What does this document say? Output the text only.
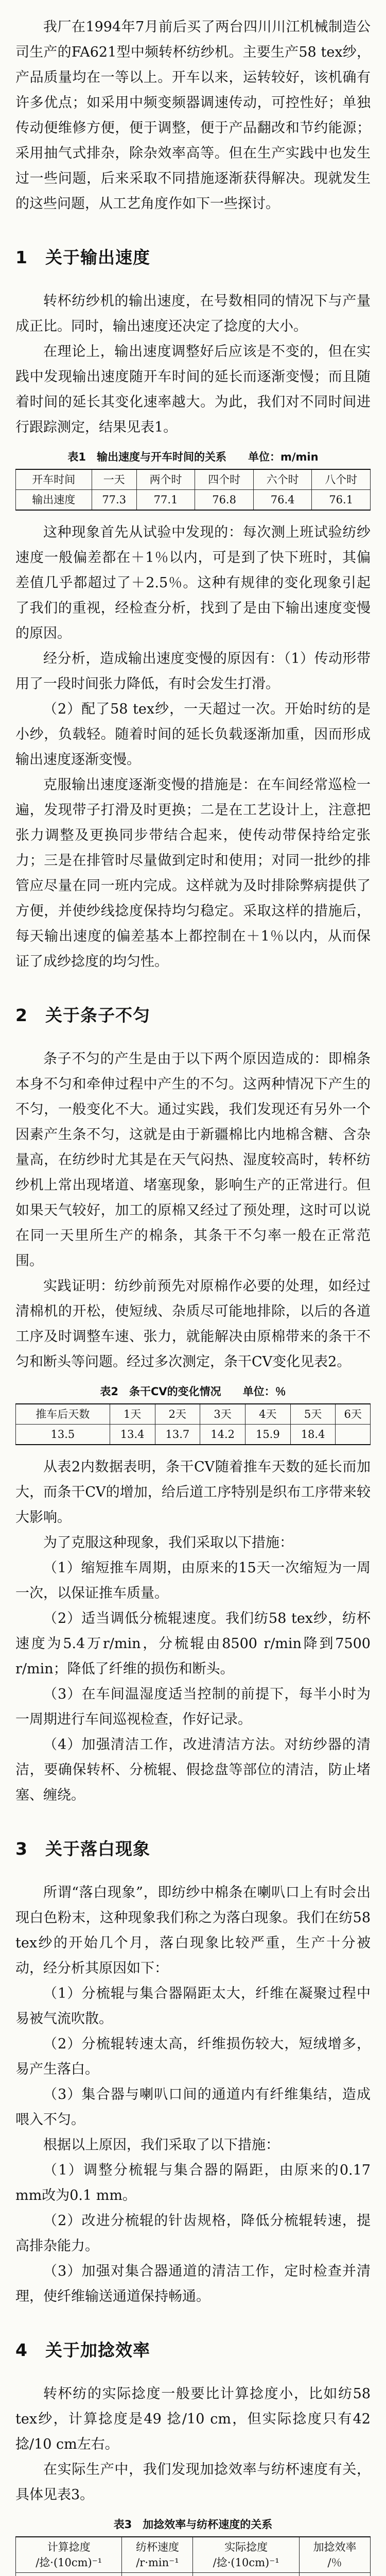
我厂在1994年7月前后买了两台四川川江机械制造公司生产的FA621型中频转杯纺纱机。主要生产58 tex纱，产品质量均在一等以上。开车以来，运转较好，该机确有许多优点；如采用中频变频器调速传动，可控性好；单独传动便维修方便，便于调整，便于产品翻改和节约能源；采用抽气式排杂，除杂效率高等。但在生产实践中也发生过一些问题，后来采取不同措施逐渐获得解决。现就发生的这些问题，从工艺角度作如下一些探讨。

1 关于输出速度

转杯纺纱机的输出速度，在号数相同的情况下与产量成正比。同时，输出速度还决定了捻度的大小。

在理论上，输出速度调整好后应该是不变的，但在实践中发现输出速度随开车时间的延长而逐渐变慢；而且随着时间的延长其变化速率越大。为此，我们对不同时间进行跟踪测定，结果见表1。

表1　输出速度与开车时间的关系　　单位：m/min
开车时间	一天	两个时	四个时	六个时	八个时
输出速度	77.3	77.1	76.8	76.4	76.1

这种现象首先从试验中发现的：每次测上班试验纺纱速度一般偏差都在＋1％以内，可是到了快下班时，其偏差值几乎都超过了＋2.5％。这种有规律的变化现象引起了我们的重视，经检查分析，找到了是由下输出速度变慢的原因。

经分析，造成输出速度变慢的原因有：（1）传动形带用了一段时间张力降低，有时会发生打滑。

（2）配了58 tex纱，一天超过一次。开始时纺的是小纱，负载轻。随着时间的延长负载逐渐加重，因而形成输出速度逐渐变慢。

克服输出速度逐渐变慢的措施是：在车间经常巡检一遍，发现带子打滑及时更换；二是在工艺设计上，注意把张力调整及更换同步带结合起来，使传动带保持给定张力；三是在排管时尽量做到定时和使用；对同一批纱的排管应尽量在同一班内完成。这样就为及时排除弊病提供了方便，并使纱线捻度保持均匀稳定。采取这样的措施后，每天输出速度的偏差基本上都控制在＋1％以内，从而保证了成纱捻度的均匀性。

2 关于条子不匀

条子不匀的产生是由于以下两个原因造成的：即棉条本身不匀和牵伸过程中产生的不匀。这两种情况下产生的不匀，一般变化不大。通过实践，我们发现还有另外一个因素产生条不匀，这就是由于新疆棉比内地棉含糖、含杂量高，在纺纱时尤其是在天气闷热、湿度较高时，转杯纺纱机上常出现堵道、堵塞现象，影响生产的正常进行。但如果天气较好，加工的原棉又经过了预处理，这时可以说在同一天里所生产的棉条，其条干不匀率一般在正常范围。

实践证明：纺纱前预先对原棉作必要的处理，如经过清棉机的开松，使短绒、杂质尽可能地排除，以后的各道工序及时调整车速、张力，就能解决由原棉带来的条干不匀和断头等问题。经过多次测定，条干CV变化见表2。

表2　条干CV的变化情况　　单位：％
推车后天数	1天	2天	3天	4天	5天	6天
13.5	13.4	13.7	14.2	15.9	18.4	

从表2内数据表明，条干CV随着推车天数的延长而加大，而条干CV的增加，给后道工序特别是织布工序带来较大影响。

为了克服这种现象，我们采取以下措施：

（1）缩短推车周期，由原来的15天一次缩短为一周一次，以保证推车质量。

（2）适当调低分梳辊速度。我们纺58 tex纱，纺杯速度为5.4万r/min，分梳辊由8500 r/min降到7500 r/min；降低了纤维的损伤和断头。

（3）在车间温湿度适当控制的前提下，每半小时为一周期进行车间巡视检查，作好记录。

（4）加强清洁工作，改进清洁方法。对纺纱器的清洁，要确保转杯、分梳辊、假捻盘等部位的清洁，防止堵塞、缠绕。

3 关于落白现象

所谓“落白现象”，即纺纱中棉条在喇叭口上有时会出现白色粉末，这种现象我们称之为落白现象。我们在纺58 tex纱的开始几个月，落白现象比较严重，生产十分被动，经分析其原因如下：

（1）分梳辊与集合器隔距太大，纤维在凝聚过程中易被气流吹散。

（2）分梳辊转速太高，纤维损伤较大，短绒增多，易产生落白。

（3）集合器与喇叭口间的通道内有纤维集结，造成喂入不匀。

根据以上原因，我们采取了以下措施：

（1）调整分梳辊与集合器的隔距，由原来的0.17 mm改为0.1 mm。

（2）改进分梳辊的针齿规格，降低分梳辊转速，提高排杂能力。

（3）加强对集合器通道的清洁工作，定时检查并清理，使纤维输送通道保持畅通。

4 关于加捻效率

转杯纺的实际捻度一般要比计算捻度小，比如纺58 tex纱，计算捻度是49 捻/10 cm，但实际捻度只有42捻/10 cm左右。

在实际生产中，我们发现加捻效率与纺杯速度有关，具体见表3。

表3　加捻效率与纺杯速度的关系
计算捻度
/捻·(10cm)⁻¹	纺杯速度
/r·min⁻¹	实际捻度
/捻·(10cm)⁻¹	加捻效率
/％
